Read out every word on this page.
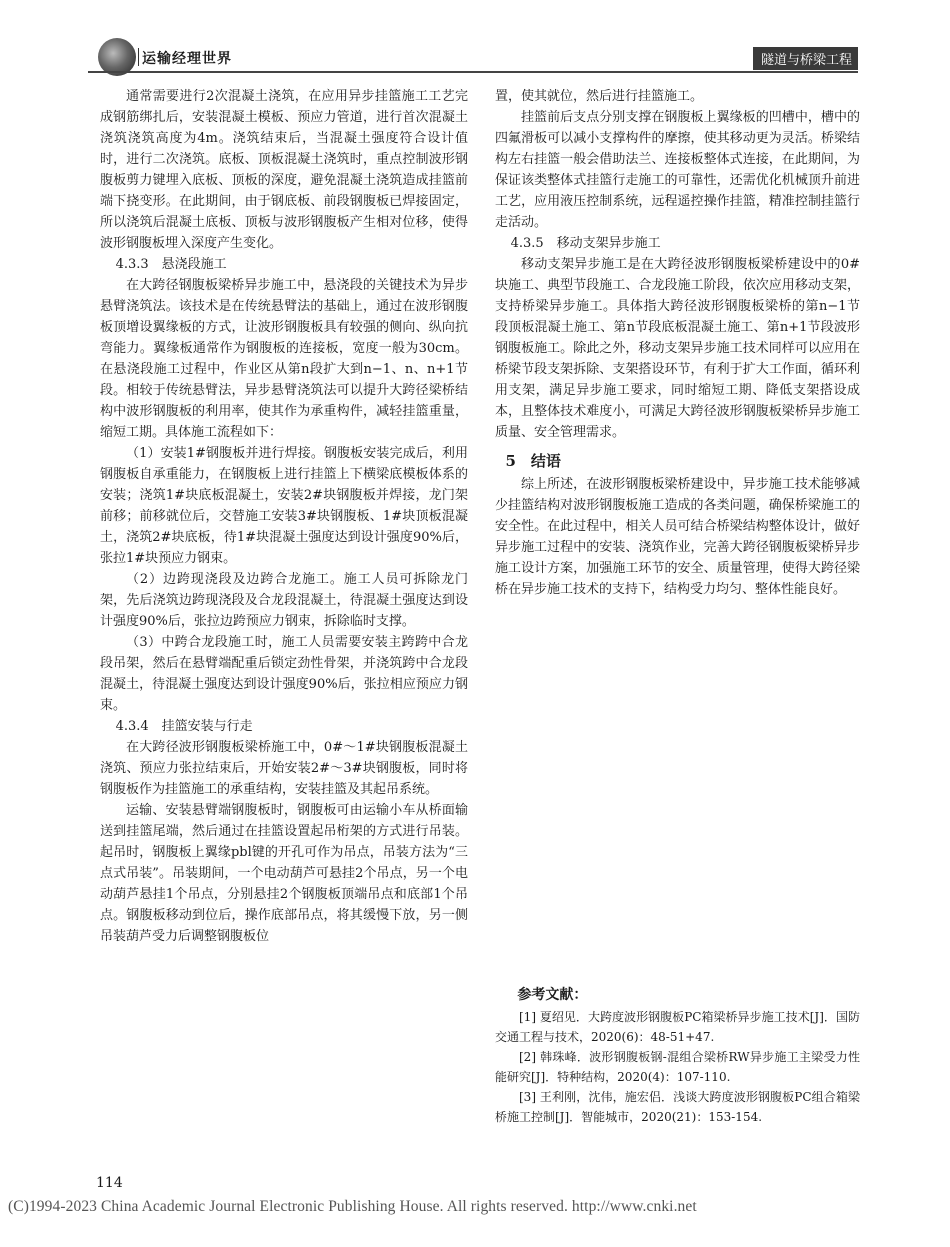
运输经理世界	隧道与桥梁工程

通常需要进行2次混凝土浇筑，在应用异步挂篮施工工艺完成钢筋绑扎后，安装混凝土模板、预应力管道，进行首次混凝土浇筑浇筑高度为4m。浇筑结束后，当混凝土强度符合设计值时，进行二次浇筑。底板、顶板混凝土浇筑时，重点控制波形钢腹板剪力键埋入底板、顶板的深度，避免混凝土浇筑造成挂篮前端下挠变形。在此期间，由于钢底板、前段钢腹板已焊接固定，所以浇筑后混凝土底板、顶板与波形钢腹板产生相对位移，使得波形钢腹板埋入深度产生变化。

4.3.3　悬浇段施工

在大跨径钢腹板梁桥异步施工中，悬浇段的关键技术为异步悬臂浇筑法。该技术是在传统悬臂法的基础上，通过在波形钢腹板顶增设翼缘板的方式，让波形钢腹板具有较强的侧向、纵向抗弯能力。翼缘板通常作为钢腹板的连接板，宽度一般为30cm。在悬浇段施工过程中，作业区从第n段扩大到n−1、n、n+1节段。相较于传统悬臂法，异步悬臂浇筑法可以提升大跨径梁桥结构中波形钢腹板的利用率，使其作为承重构件，减轻挂篮重量，缩短工期。具体施工流程如下：

（1）安装1#钢腹板并进行焊接。钢腹板安装完成后，利用钢腹板自承重能力，在钢腹板上进行挂篮上下横梁底模板体系的安装；浇筑1#块底板混凝土，安装2#块钢腹板并焊接，龙门架前移；前移就位后，交替施工安装3#块钢腹板、1#块顶板混凝土，浇筑2#块底板，待1#块混凝土强度达到设计强度90%后，张拉1#块预应力钢束。

（2）边跨现浇段及边跨合龙施工。施工人员可拆除龙门架，先后浇筑边跨现浇段及合龙段混凝土，待混凝土强度达到设计强度90%后，张拉边跨预应力钢束，拆除临时支撑。

（3）中跨合龙段施工时，施工人员需要安装主跨跨中合龙段吊架，然后在悬臂端配重后锁定劲性骨架，并浇筑跨中合龙段混凝土，待混凝土强度达到设计强度90%后，张拉相应预应力钢束。

4.3.4　挂篮安装与行走

在大跨径波形钢腹板梁桥施工中，0#～1#块钢腹板混凝土浇筑、预应力张拉结束后，开始安装2#～3#块钢腹板，同时将钢腹板作为挂篮施工的承重结构，安装挂篮及其起吊系统。

运输、安装悬臂端钢腹板时，钢腹板可由运输小车从桥面输送到挂篮尾端，然后通过在挂篮设置起吊桁架的方式进行吊装。起吊时，钢腹板上翼缘pbl键的开孔可作为吊点，吊装方法为“三点式吊装”。吊装期间，一个电动葫芦可悬挂2个吊点，另一个电动葫芦悬挂1个吊点，分别悬挂2个钢腹板顶端吊点和底部1个吊点。钢腹板移动到位后，操作底部吊点，将其缓慢下放，另一侧吊装葫芦受力后调整钢腹板位

置，使其就位，然后进行挂篮施工。

挂篮前后支点分别支撑在钢腹板上翼缘板的凹槽中，槽中的四氟滑板可以减小支撑构件的摩擦，使其移动更为灵活。桥梁结构左右挂篮一般会借助法兰、连接板整体式连接，在此期间，为保证该类整体式挂篮行走施工的可靠性，还需优化机械顶升前进工艺，应用液压控制系统，远程遥控操作挂篮，精准控制挂篮行走活动。

4.3.5　移动支架异步施工

移动支架异步施工是在大跨径波形钢腹板梁桥建设中的0#块施工、典型节段施工、合龙段施工阶段，依次应用移动支架，支持桥梁异步施工。具体指大跨径波形钢腹板梁桥的第n−1节段顶板混凝土施工、第n节段底板混凝土施工、第n+1节段波形钢腹板施工。除此之外，移动支架异步施工技术同样可以应用在桥梁节段支架拆除、支架搭设环节，有利于扩大工作面，循环利用支架，满足异步施工要求，同时缩短工期、降低支架搭设成本，且整体技术难度小，可满足大跨径波形钢腹板梁桥异步施工质量、安全管理需求。

5　结语

综上所述，在波形钢腹板梁桥建设中，异步施工技术能够减少挂篮结构对波形钢腹板施工造成的各类问题，确保桥梁施工的安全性。在此过程中，相关人员可结合桥梁结构整体设计，做好异步施工过程中的安装、浇筑作业，完善大跨径钢腹板梁桥异步施工设计方案，加强施工环节的安全、质量管理，使得大跨径梁桥在异步施工技术的支持下，结构受力均匀、整体性能良好。

参考文献：

[1] 夏绍见．大跨度波形钢腹板PC箱梁桥异步施工技术[J]．国防交通工程与技术，2020(6)：48-51+47.

[2] 韩珠峰．波形钢腹板钢-混组合梁桥RW异步施工主梁受力性能研究[J]．特种结构，2020(4)：107-110.

[3] 王利刚，沈伟，施宏侣．浅谈大跨度波形钢腹板PC组合箱梁桥施工控制[J]．智能城市，2020(21)：153-154.

114
(C)1994-2023 China Academic Journal Electronic Publishing House. All rights reserved. http://www.cnki.net
